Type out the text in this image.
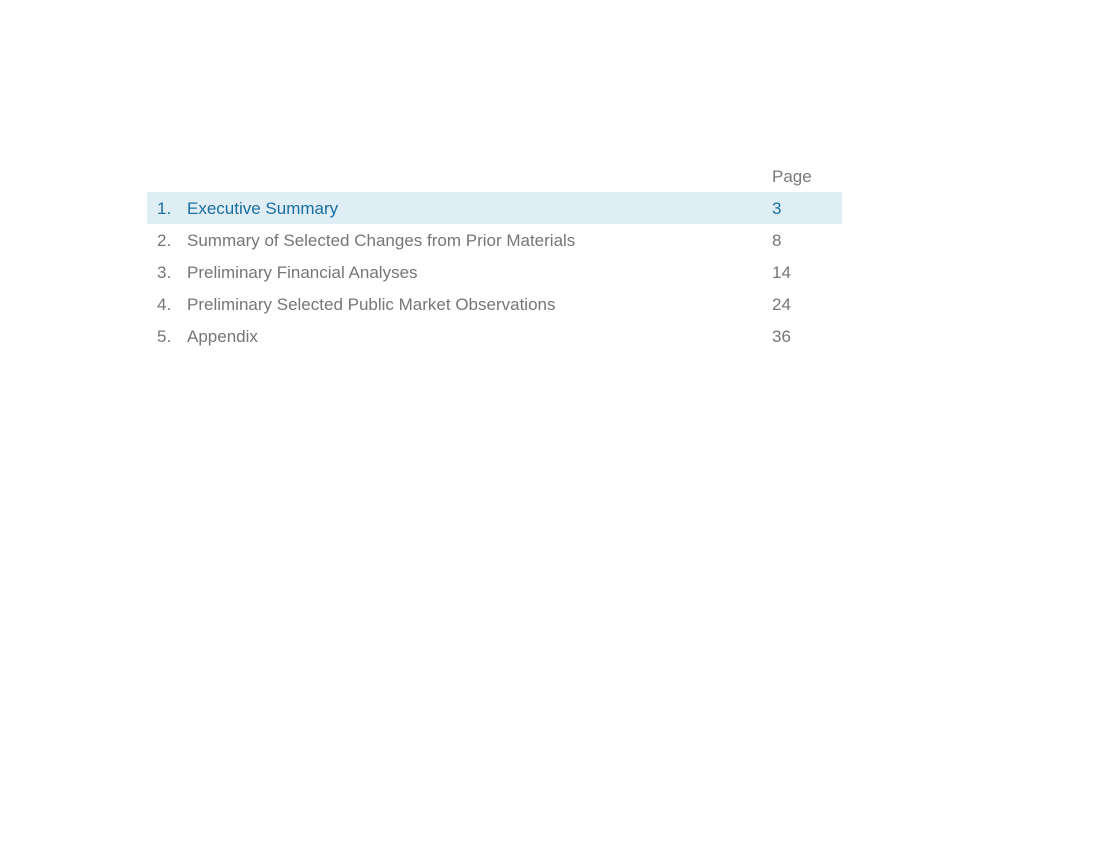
Page
1. Executive Summary	3
2. Summary of Selected Changes from Prior Materials	8
3. Preliminary Financial Analyses	14
4. Preliminary Selected Public Market Observations	24
5. Appendix	36
